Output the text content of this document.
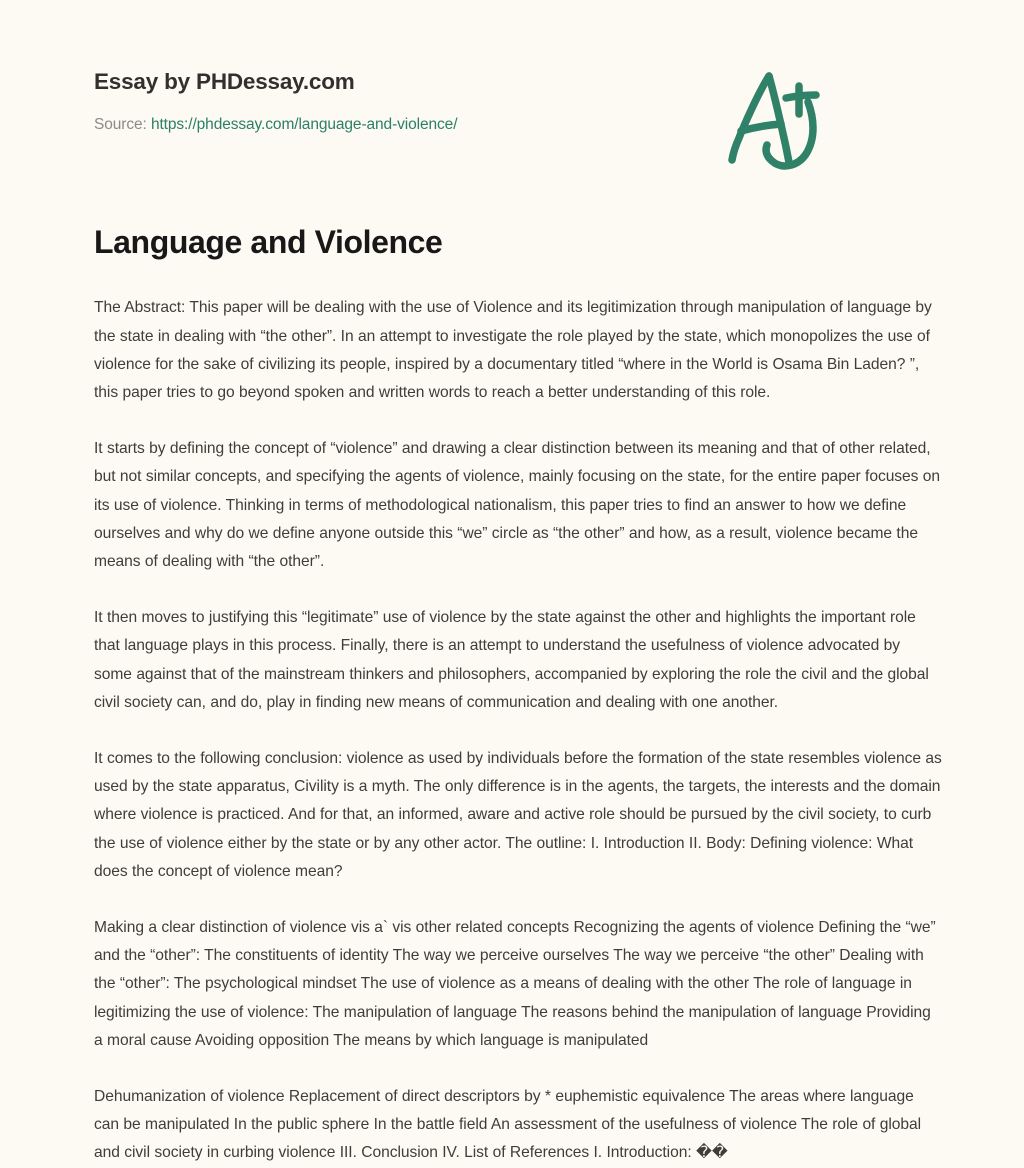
Essay by PHDessay.com
Source: https://phdessay.com/language-and-violence/
Language and Violence

The Abstract: This paper will be dealing with the use of Violence and its legitimization through manipulation of language by the state in dealing with “the other”. In an attempt to investigate the role played by the state, which monopolizes the use of violence for the sake of civilizing its people, inspired by a documentary titled “where in the World is Osama Bin Laden? ”, this paper tries to go beyond spoken and written words to reach a better understanding of this role.

It starts by defining the concept of “violence” and drawing a clear distinction between its meaning and that of other related, but not similar concepts, and specifying the agents of violence, mainly focusing on the state, for the entire paper focuses on its use of violence. Thinking in terms of methodological nationalism, this paper tries to find an answer to how we define ourselves and why do we define anyone outside this “we” circle as “the other” and how, as a result, violence became the means of dealing with “the other”.

It then moves to justifying this “legitimate” use of violence by the state against the other and highlights the important role that language plays in this process. Finally, there is an attempt to understand the usefulness of violence advocated by some against that of the mainstream thinkers and philosophers, accompanied by exploring the role the civil and the global civil society can, and do, play in finding new means of communication and dealing with one another.

It comes to the following conclusion: violence as used by individuals before the formation of the state resembles violence as used by the state apparatus, Civility is a myth. The only difference is in the agents, the targets, the interests and the domain where violence is practiced. And for that, an informed, aware and active role should be pursued by the civil society, to curb the use of violence either by the state or by any other actor. The outline: I. Introduction II. Body: Defining violence: What does the concept of violence mean?

Making a clear distinction of violence vis a` vis other related concepts Recognizing the agents of violence Defining the “we” and the “other”: The constituents of identity The way we perceive ourselves The way we perceive “the other” Dealing with the “other”: The psychological mindset The use of violence as a means of dealing with the other The role of language in legitimizing the use of violence: The manipulation of language The reasons behind the manipulation of language Providing a moral cause Avoiding opposition The means by which language is manipulated

Dehumanization of violence Replacement of direct descriptors by * euphemistic equivalence The areas where language can be manipulated In the public sphere In the battle field An assessment of the usefulness of violence The role of global and civil society in curbing violence III. Conclusion IV. List of References I. Introduction: ��
